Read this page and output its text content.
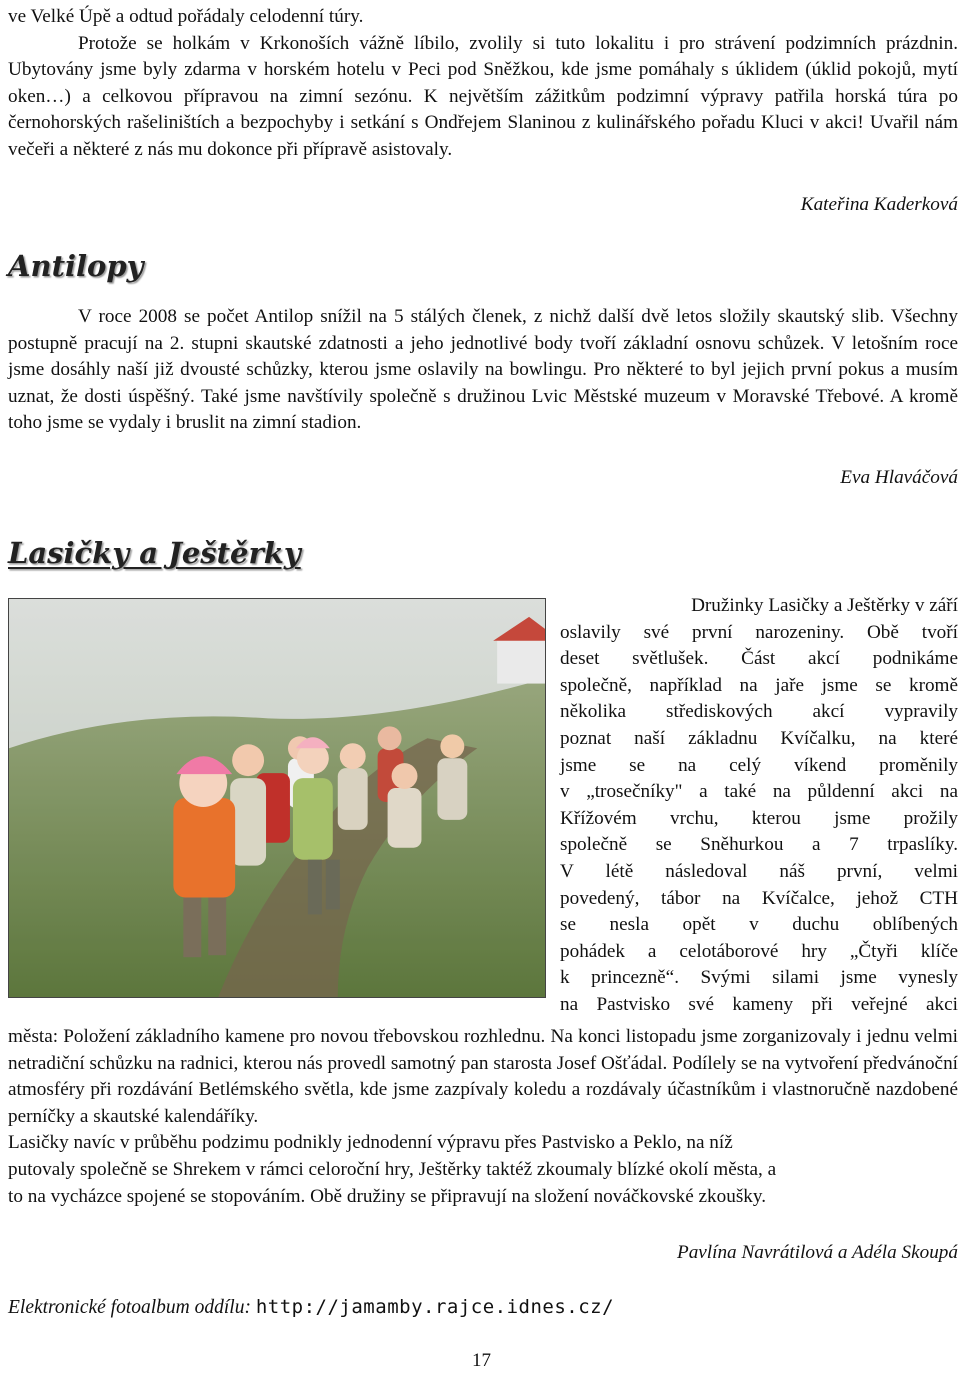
ve Velké Úpě a odtud pořádaly celodenní túry.

Protože se holkám v Krkonoších vážně líbilo, zvolily si tuto lokalitu i pro strávení podzimních prázdnin. Ubytovány jsme byly zdarma v horském hotelu v Peci pod Sněžkou, kde jsme pomáhaly s úklidem (úklid pokojů, mytí oken…) a celkovou přípravou na zimní sezónu. K největším zážitkům podzimní výpravy patřila horská túra po černohorských rašeliništích a bezpochyby i setkání s Ondřejem Slaninou z kulinářského pořadu Kluci v akci! Uvařil nám večeři a některé z nás mu dokonce při přípravě asistovaly.

Kateřina Kaderková

Antilopy

V roce 2008 se počet Antilop snížil na 5 stálých členek, z nichž další dvě letos složily skautský slib. Všechny postupně pracují na 2. stupni skautské zdatnosti a jeho jednotlivé body tvoří základní osnovu schůzek. V letošním roce jsme dosáhly naší již dvousté schůzky, kterou jsme oslavily na bowlingu. Pro některé to byl jejich první pokus a musím uznat, že dosti úspěšný. Také jsme navštívily společně s družinou Lvic Městské muzeum v Moravské Třebové. A kromě toho jsme se vydaly i bruslit na zimní stadion.

Eva Hlaváčová

Lasičky a Ještěrky

Družinky Lasičky a Ještěrky v září

oslavily své první narozeniny. Obě tvoří

deset světlušek. Část akcí podnikáme

společně, například na jaře jsme se kromě

několika střediskových akcí vypravily

poznat naší základnu Kvíčalku, na které

jsme se na celý víkend proměnily

v „trosečníky" a také na půldenní akci na

Křížovém vrchu, kterou jsme prožily

společně se Sněhurkou a 7 trpaslíky.

V létě následoval náš první, velmi

povedený, tábor na Kvíčalce, jehož CTH

se nesla opět v duchu oblíbených

pohádek a celotáborové hry „Čtyři klíče

k princezně“. Svými silami jsme vynesly

na Pastvisko své kameny při veřejné akci

města: Položení základního kamene pro novou třebovskou rozhlednu. Na konci listopadu jsme zorganizovaly i jednu velmi netradiční schůzku na radnici, kterou nás provedl samotný pan starosta Josef Ošťádal. Podílely se na vytvoření předvánoční atmosféry při rozdávání Betlémského světla, kde jsme zazpívaly koledu a rozdávaly účastníkům i vlastnoručně nazdobené perníčky a skautské kalendáříky.

Lasičky navíc v průběhu podzimu podnikly jednodenní výpravu přes Pastvisko a Peklo, na níž

putovaly společně se Shrekem v rámci celoroční hry, Ještěrky taktéž zkoumaly blízké okolí města, a

to na vycházce spojené se stopováním. Obě družiny se připravují na složení nováčkovské zkoušky.

Pavlína Navrátilová a Adéla Skoupá

Elektronické fotoalbum oddílu: http://jamamby.rajce.idnes.cz/
17
